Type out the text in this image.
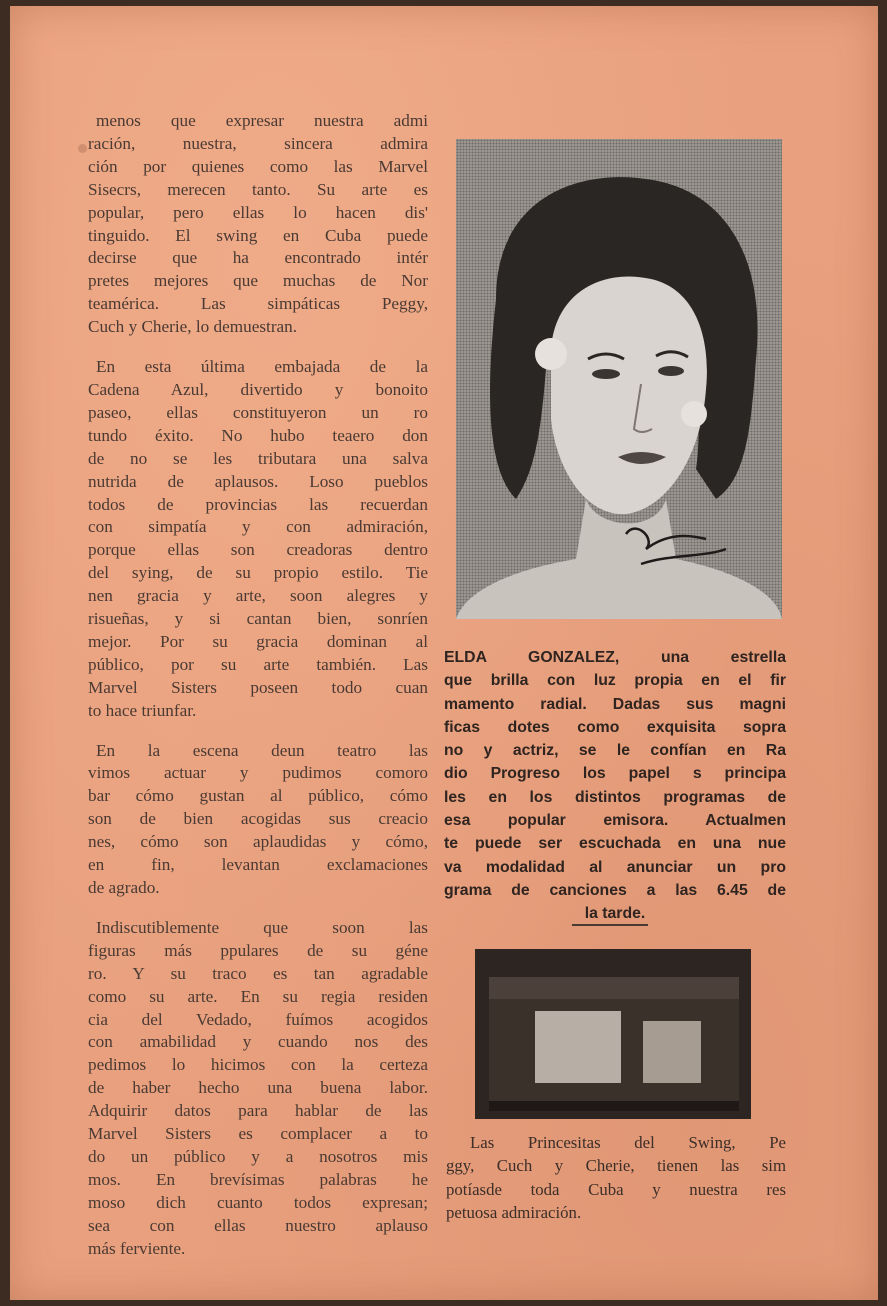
menos que expresar nuestra admi
ración, nuestra, sincera admira
ción por quienes como las Marvel
Sisecrs, merecen tanto. Su arte es
popular, pero ellas lo hacen dis'
tinguido. El swing en Cuba puede
decirse que ha encontrado intér
pretes mejores que muchas de Nor
teamérica. Las simpáticas Peggy,
Cuch y Cherie, lo demuestran.
En esta última embajada de la
Cadena Azul, divertido y bonoito
paseo, ellas constituyeron un ro
tundo éxito. No hubo teaero don
de no se les tributara una salva
nutrida de aplausos. Loso pueblos
todos de provincias las recuerdan
con simpatía y con admiración,
porque ellas son creadoras dentro
del sying, de su propio estilo. Tie
nen gracia y arte, soon alegres y
risueñas, y si cantan bien, sonríen
mejor. Por su gracia dominan al
público, por su arte también. Las
Marvel Sisters poseen todo cuan
to hace triunfar.
En la escena deun teatro las
vimos actuar y pudimos comoro
bar cómo gustan al público, cómo
son de bien acogidas sus creacio
nes, cómo son aplaudidas y cómo,
en fin, levantan exclamaciones
de agrado.
Indiscutiblemente que soon las
figuras más ppulares de su géne
ro. Y su traco es tan agradable
como su arte. En su regia residen
cia del Vedado, fuímos acogidos
con amabilidad y cuando nos des
pedimos lo hicimos con la certeza
de haber hecho una buena labor.
Adquirir datos para hablar de las
Marvel Sisters es complacer a to
do un público y a nosotros mis
mos. En brevísimas palabras he
moso dich cuanto todos expresan;
sea con ellas nuestro aplauso
más ferviente.
ELDA GONZALEZ, una estrella
que brilla con luz propia en el fir
mamento radial. Dadas sus magni
ficas dotes como exquisita sopra
no y actriz, se le confían en Ra
dio Progreso los papel s principa
les en los distintos programas de
esa popular emisora. Actualmen
te puede ser escuchada en una nue
va modalidad al anunciar un pro
grama de canciones a las 6.45 de
la tarde.
Las Princesitas del Swing, Pe
ggy, Cuch y Cherie, tienen las sim
potíasde toda Cuba y nuestra res
petuosa admiración.
